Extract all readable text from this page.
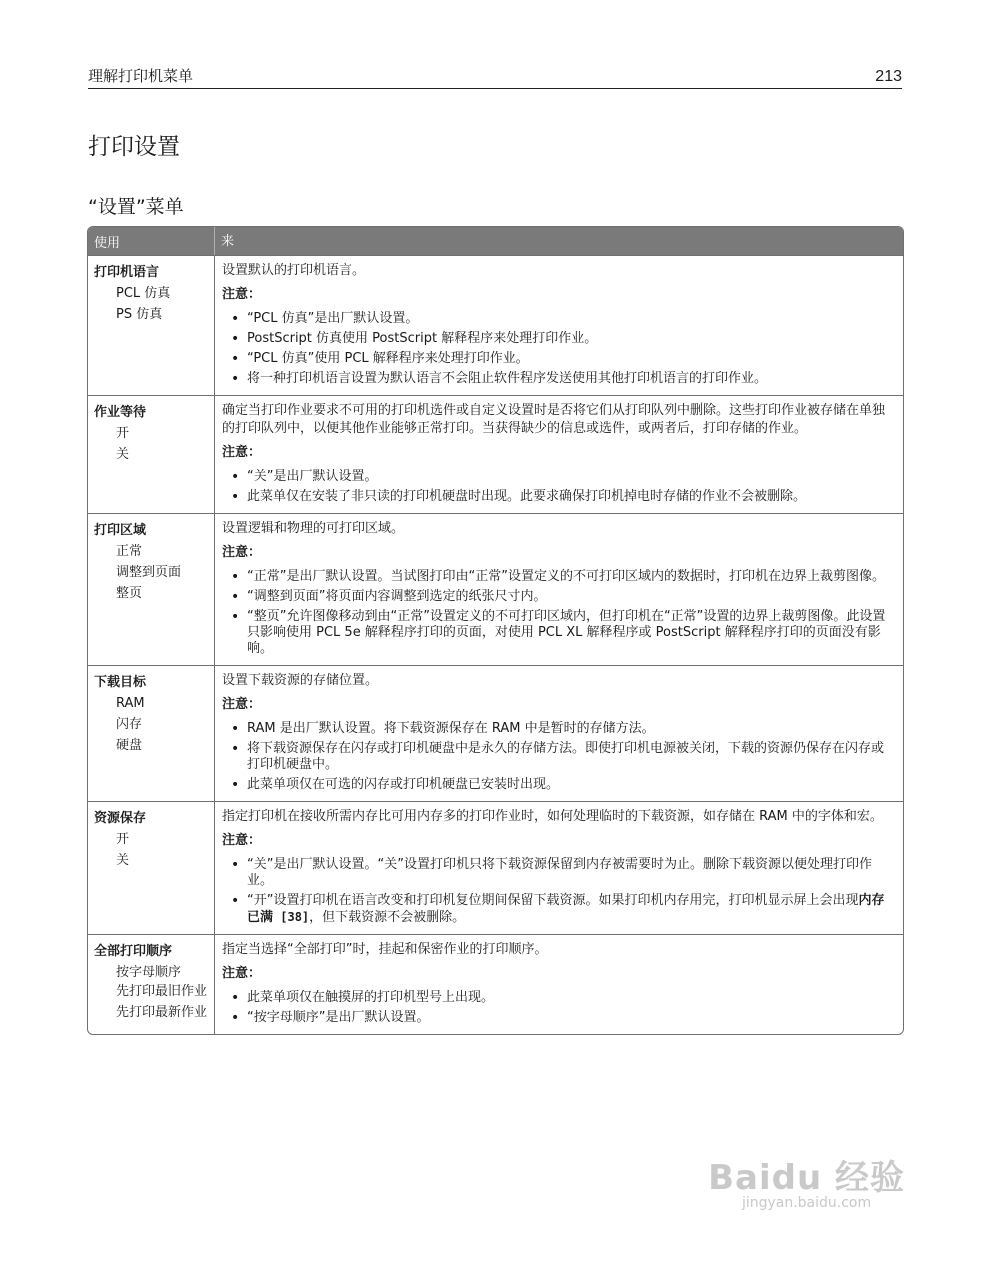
理解打印机菜单	213
打印设置
“设置”菜单
使用	来
打印机语言
PCL 仿真
PS 仿真

设置默认的打印机语言。

注意：

• “PCL 仿真”是出厂默认设置。
• PostScript 仿真使用 PostScript 解释程序来处理打印作业。
• “PCL 仿真”使用 PCL 解释程序来处理打印作业。
• 将一种打印机语言设置为默认语言不会阻止软件程序发送使用其他打印机语言的打印作业。
作业等待
开
关

确定当打印作业要求不可用的打印机选件或自定义设置时是否将它们从打印队列中删除。这些打印作业被存储在单独的打印队列中，以便其他作业能够正常打印。当获得缺少的信息或选件，或两者后，打印存储的作业。

注意：

• “关”是出厂默认设置。
• 此菜单仅在安装了非只读的打印机硬盘时出现。此要求确保打印机掉电时存储的作业不会被删除。
打印区域
正常
调整到页面
整页

设置逻辑和物理的可打印区域。

注意：

• “正常”是出厂默认设置。当试图打印由“正常”设置定义的不可打印区域内的数据时，打印机在边界上裁剪图像。
• “调整到页面”将页面内容调整到选定的纸张尺寸内。
• “整页”允许图像移动到由“正常”设置定义的不可打印区域内，但打印机在“正常”设置的边界上裁剪图像。此设置只影响使用 PCL 5e 解释程序打印的页面，对使用 PCL XL 解释程序或 PostScript 解释程序打印的页面没有影响。
下载目标
RAM
闪存
硬盘

设置下载资源的存储位置。

注意：

• RAM 是出厂默认设置。将下载资源保存在 RAM 中是暂时的存储方法。
• 将下载资源保存在闪存或打印机硬盘中是永久的存储方法。即使打印机电源被关闭，下载的资源仍保存在闪存或打印机硬盘中。
• 此菜单项仅在可选的闪存或打印机硬盘已安装时出现。
资源保存
开
关

指定打印机在接收所需内存比可用内存多的打印作业时，如何处理临时的下载资源，如存储在 RAM 中的字体和宏。

注意：

• “关”是出厂默认设置。“关”设置打印机只将下载资源保留到内存被需要时为止。删除下载资源以便处理打印作业。
• “开”设置打印机在语言改变和打印机复位期间保留下载资源。如果打印机内存用完，打印机显示屏上会出现内存已满 [38]，但下载资源不会被删除。
全部打印顺序
按字母顺序
先打印最旧作业
先打印最新作业

指定当选择“全部打印”时，挂起和保密作业的打印顺序。

注意：

• 此菜单项仅在触摸屏的打印机型号上出现。
• “按字母顺序”是出厂默认设置。
Baidu 经验
jingyan.baidu.com
